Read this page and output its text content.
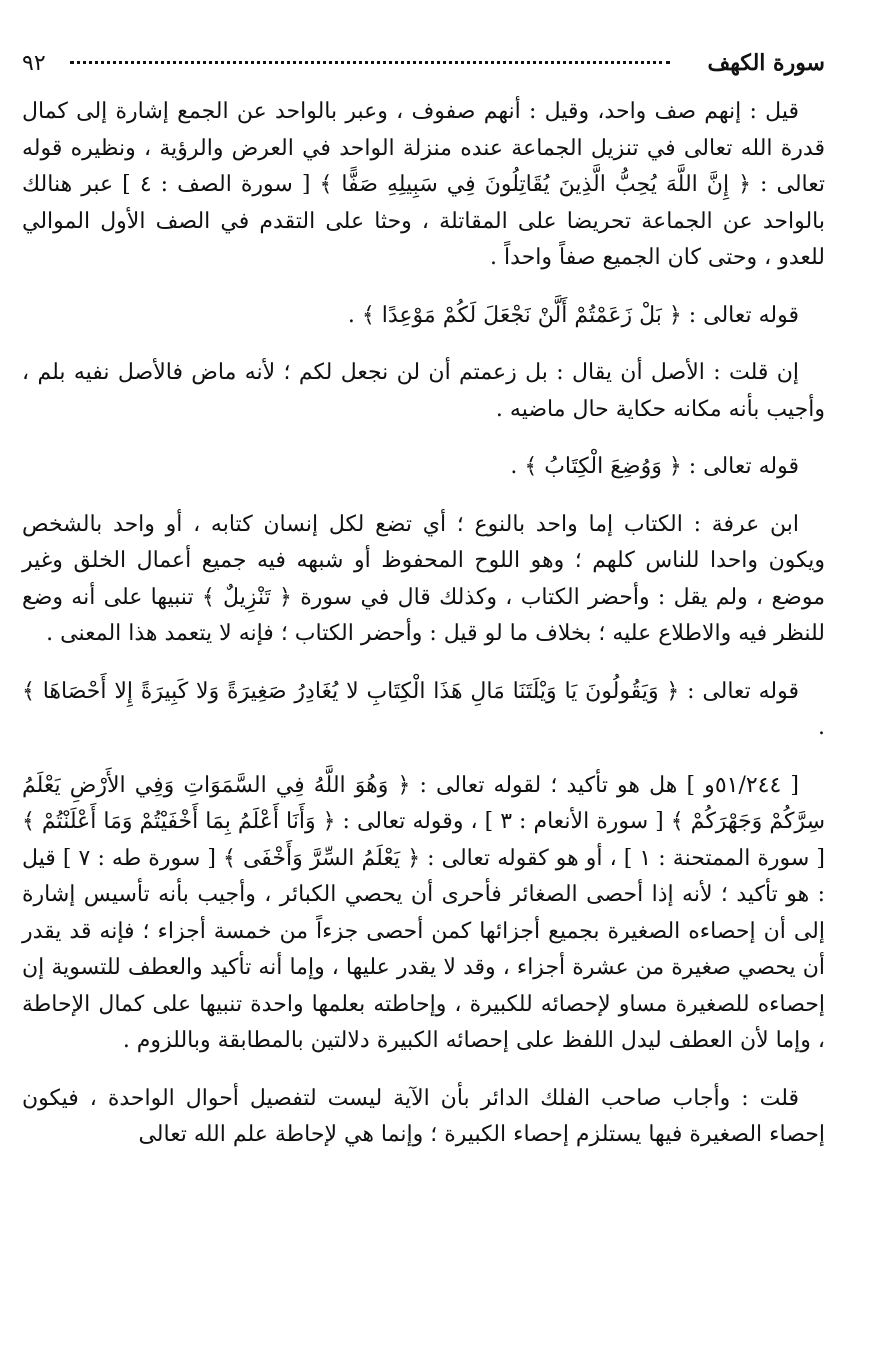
سورة الكهف
٩٢

قيل : إنهم صف واحد، وقيل : أنهم صفوف ، وعبر بالواحد عن الجمع إشارة إلى كمال قدرة الله تعالى في تنزيل الجماعة عنده منزلة الواحد في العرض والرؤية ، ونظيره قوله تعالى : ﴿ إِنَّ اللَّهَ يُحِبُّ الَّذِينَ يُقَاتِلُونَ فِي سَبِيلِهِ صَفًّا ﴾ [ سورة الصف : ٤ ] عبر هنالك بالواحد عن الجماعة تحريضا على المقاتلة ، وحثا على التقدم في الصف الأول الموالي للعدو ، وحتى كان الجميع صفاً واحداً .

قوله تعالى : ﴿ بَلْ زَعَمْتُمْ أَلَّنْ نَجْعَلَ لَكُمْ مَوْعِدًا ﴾ .

إن قلت : الأصل أن يقال : بل زعمتم أن لن نجعل لكم ؛ لأنه ماض فالأصل نفيه بلم ، وأجيب بأنه مكانه حكاية حال ماضيه .

قوله تعالى : ﴿ وَوُضِعَ الْكِتَابُ ﴾ .

ابن عرفة : الكتاب إما واحد بالنوع ؛ أي تضع لكل إنسان كتابه ، أو واحد بالشخص ويكون واحدا للناس كلهم ؛ وهو اللوح المحفوظ أو شبهه فيه جميع أعمال الخلق وغير موضع ، ولم يقل : وأحضر الكتاب ، وكذلك قال في سورة ﴿ تَنْزِيلٌ ﴾ تنبيها على أنه وضع للنظر فيه والاطلاع عليه ؛ بخلاف ما لو قيل : وأحضر الكتاب ؛ فإنه لا يتعمد هذا المعنى .

قوله تعالى : ﴿ وَيَقُولُونَ يَا وَيْلَتَنَا مَالِ هَذَا الْكِتَابِ لا يُغَادِرُ صَغِيرَةً وَلا كَبِيرَةً إِلا أَحْصَاهَا ﴾ .

[ ٥١/٢٤٤و ] هل هو تأكيد ؛ لقوله تعالى : ﴿ وَهُوَ اللَّهُ فِي السَّمَوَاتِ وَفِي الأَرْضِ يَعْلَمُ سِرَّكُمْ وَجَهْرَكُمْ ﴾ [ سورة الأنعام : ٣ ] ، وقوله تعالى : ﴿ وَأَنَا أَعْلَمُ بِمَا أَخْفَيْتُمْ وَمَا أَعْلَنْتُمْ ﴾ [ سورة الممتحنة : ١ ] ، أو هو كقوله تعالى : ﴿ يَعْلَمُ السِّرَّ وَأَخْفَى ﴾ [ سورة طه : ٧ ] قيل : هو تأكيد ؛ لأنه إذا أحصى الصغائر فأحرى أن يحصي الكبائر ، وأجيب بأنه تأسيس إشارة إلى أن إحصاءه الصغيرة بجميع أجزائها كمن أحصى جزءاً من خمسة أجزاء ؛ فإنه قد يقدر أن يحصي صغيرة من عشرة أجزاء ، وقد لا يقدر عليها ، وإما أنه تأكيد والعطف للتسوية إن إحصاءه للصغيرة مساو لإحصائه للكبيرة ، وإحاطته بعلمها واحدة تنبيها على كمال الإحاطة ، وإما لأن العطف ليدل اللفظ على إحصائه الكبيرة دلالتين بالمطابقة وباللزوم .

قلت : وأجاب صاحب الفلك الدائر بأن الآية ليست لتفصيل أحوال الواحدة ، فيكون إحصاء الصغيرة فيها يستلزم إحصاء الكبيرة ؛ وإنما هي لإحاطة علم الله تعالى
